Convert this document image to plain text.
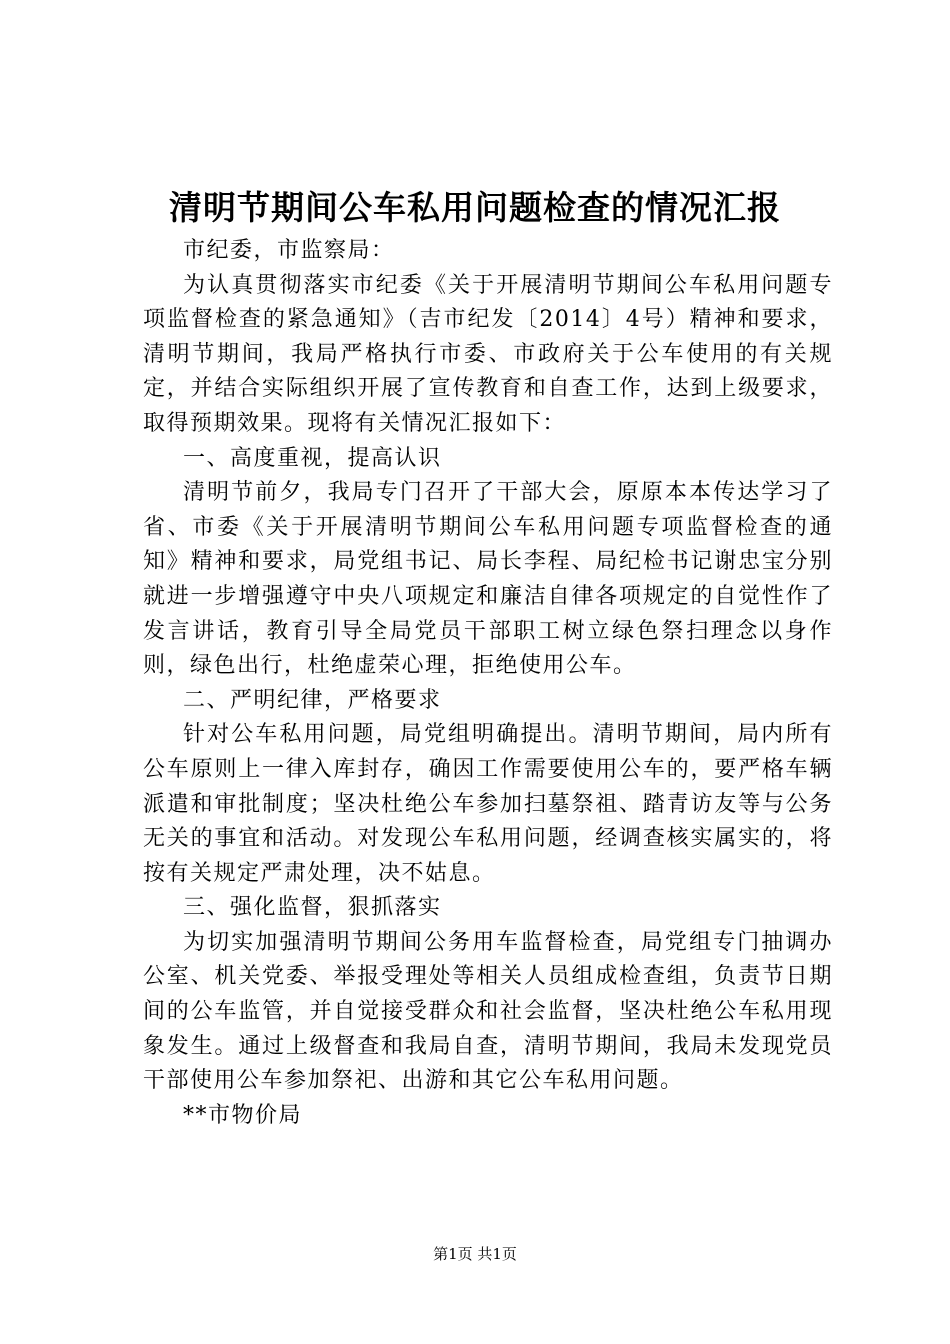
清明节期间公车私用问题检查的情况汇报

市纪委，市监察局：

为认真贯彻落实市纪委《关于开展清明节期间公车私用问题专项监督检查的紧急通知》（吉市纪发〔2014〕4号）精神和要求，清明节期间，我局严格执行市委、市政府关于公车使用的有关规定，并结合实际组织开展了宣传教育和自查工作，达到上级要求，取得预期效果。现将有关情况汇报如下：

一、高度重视，提高认识

清明节前夕，我局专门召开了干部大会，原原本本传达学习了省、市委《关于开展清明节期间公车私用问题专项监督检查的通知》精神和要求，局党组书记、局长李程、局纪检书记谢忠宝分别就进一步增强遵守中央八项规定和廉洁自律各项规定的自觉性作了发言讲话，教育引导全局党员干部职工树立绿色祭扫理念以身作则，绿色出行，杜绝虚荣心理，拒绝使用公车。

二、严明纪律，严格要求

针对公车私用问题，局党组明确提出。清明节期间，局内所有公车原则上一律入库封存，确因工作需要使用公车的，要严格车辆派遣和审批制度；坚决杜绝公车参加扫墓祭祖、踏青访友等与公务无关的事宜和活动。对发现公车私用问题，经调查核实属实的，将按有关规定严肃处理，决不姑息。

三、强化监督，狠抓落实

为切实加强清明节期间公务用车监督检查，局党组专门抽调办公室、机关党委、举报受理处等相关人员组成检查组，负责节日期间的公车监管，并自觉接受群众和社会监督，坚决杜绝公车私用现象发生。通过上级督查和我局自查，清明节期间，我局未发现党员干部使用公车参加祭祀、出游和其它公车私用问题。

**市物价局

第1页 共1页
